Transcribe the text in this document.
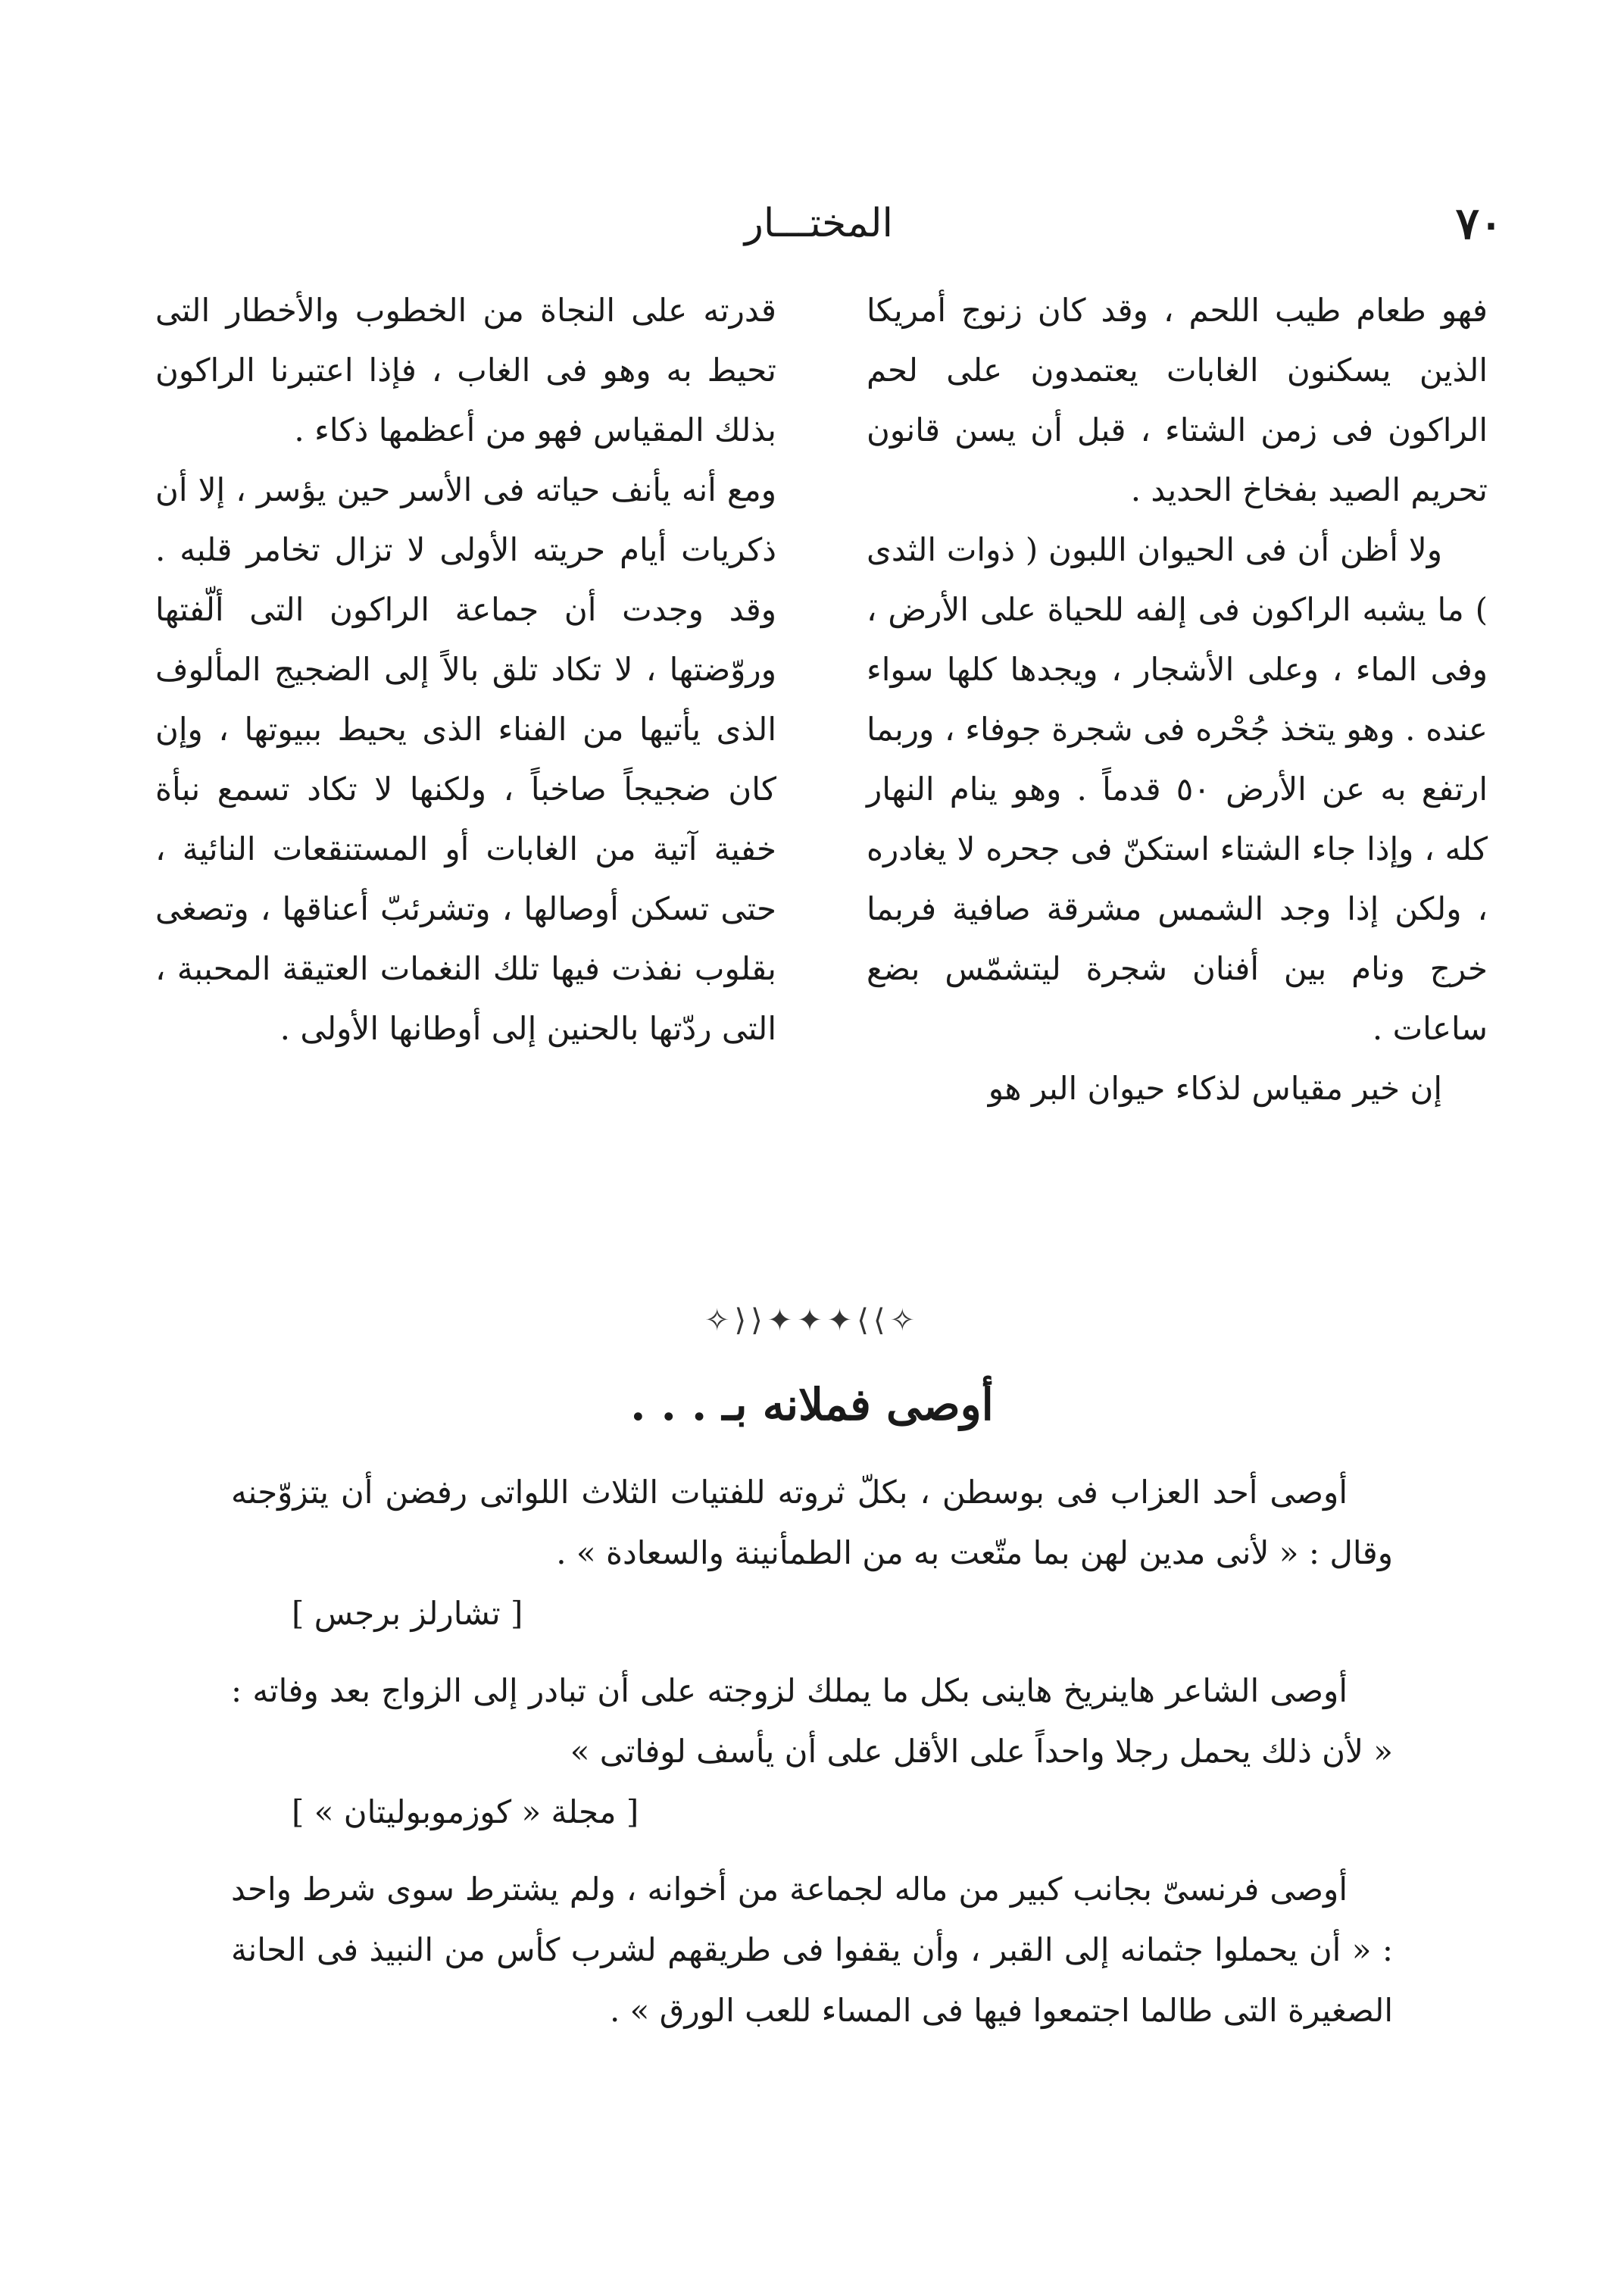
٧٠
المختـــار

فهو طعام طيب اللحم ، وقد كان زنوج أمريكا الذين يسكنون الغابات يعتمدون على لحم الراكون فى زمن الشتاء ، قبل أن يسن قانون تحريم الصيد بفخاخ الحديد .

ولا أظن أن فى الحيوان اللبون ( ذوات الثدى ) ما يشبه الراكون فى إلفه للحياة على الأرض ، وفى الماء ، وعلى الأشجار ، ويجدها كلها سواء عنده . وهو يتخذ جُحْره فى شجرة جوفاء ، وربما ارتفع به عن الأرض ٥٠ قدماً . وهو ينام النهار كله ، وإذا جاء الشتاء استكنّ فى جحره لا يغادره ، ولكن إذا وجد الشمس مشرقة صافية فربما خرج ونام بين أفنان شجرة ليتشمّس بضع ساعات .

إن خير مقياس لذكاء حيوان البر هو

قدرته على النجاة من الخطوب والأخطار التى تحيط به وهو فى الغاب ، فإذا اعتبرنا الراكون بذلك المقياس فهو من أعظمها ذكاء .

ومع أنه يأنف حياته فى الأسر حين يؤسر ، إلا أن ذكريات أيام حريته الأولى لا تزال تخامر قلبه . وقد وجدت أن جماعة الراكون التى ألّفتها وروّضتها ، لا تكاد تلق بالاً إلى الضجيج المألوف الذى يأتيها من الفناء الذى يحيط ببيوتها ، وإن كان ضجيجاً صاخباً ، ولكنها لا تكاد تسمع نبأة خفية آتية من الغابات أو المستنقعات النائية ، حتى تسكن أوصالها ، وتشرئبّ أعناقها ، وتصغى بقلوب نفذت فيها تلك النغمات العتيقة المحببة ، التى ردّتها بالحنين إلى أوطانها الأولى .

✧⟩⟩✦✦✦⟨⟨✧
أوصى فملانه بـ . . .

أوصى أحد العزاب فى بوسطن ، بكلّ ثروته للفتيات الثلاث اللواتى رفضن أن يتزوّجنه وقال : « لأنى مدين لهن بما متّعت به من الطمأنينة والسعادة » .

[ تشارلز برجس ]

أوصى الشاعر هاينريخ هاينى بكل ما يملك لزوجته على أن تبادر إلى الزواج بعد وفاته : « لأن ذلك يحمل رجلا واحداً على الأقل على أن يأسف لوفاتى »

[ مجلة « كوزموبوليتان » ]

أوصى فرنسىّ بجانب كبير من ماله لجماعة من أخوانه ، ولم يشترط سوى شرط واحد : « أن يحملوا جثمانه إلى القبر ، وأن يقفوا فى طريقهم لشرب كأس من النبيذ فى الحانة الصغيرة التى طالما اجتمعوا فيها فى المساء للعب الورق » .
